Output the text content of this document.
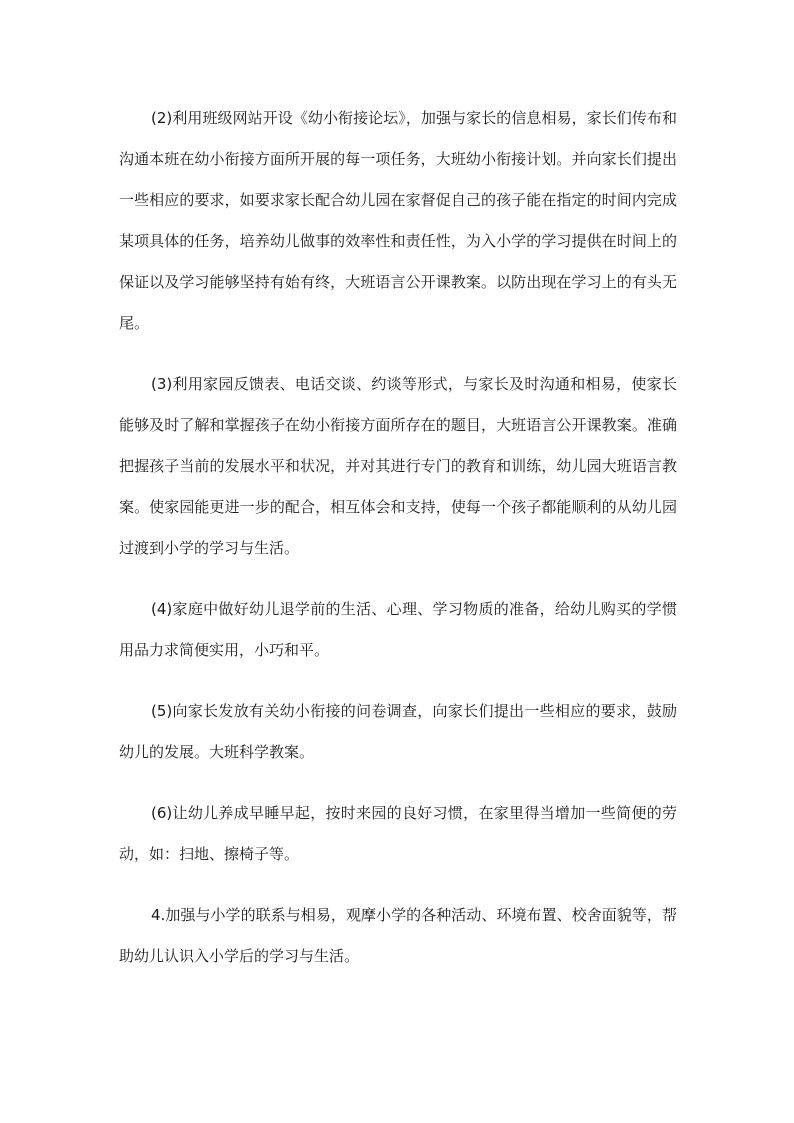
(2)利用班级网站开设《幼小衔接论坛》，加强与家长的信息相易，家长们传布和沟通本班在幼小衔接方面所开展的每一项任务，大班幼小衔接计划。并向家长们提出一些相应的要求，如要求家长配合幼儿园在家督促自己的孩子能在指定的时间内完成某项具体的任务，培养幼儿做事的效率性和责任性，为入小学的学习提供在时间上的保证以及学习能够坚持有始有终，大班语言公开课教案。以防出现在学习上的有头无尾。

(3)利用家园反馈表、电话交谈、约谈等形式，与家长及时沟通和相易，使家长能够及时了解和掌握孩子在幼小衔接方面所存在的题目，大班语言公开课教案。准确把握孩子当前的发展水平和状况，并对其进行专门的教育和训练，幼儿园大班语言教案。使家园能更进一步的配合，相互体会和支持，使每一个孩子都能顺利的从幼儿园过渡到小学的学习与生活。

(4)家庭中做好幼儿退学前的生活、心理、学习物质的准备，给幼儿购买的学惯用品力求简便实用，小巧和平。

(5)向家长发放有关幼小衔接的问卷调查，向家长们提出一些相应的要求，鼓励幼儿的发展。大班科学教案。

(6)让幼儿养成早睡早起，按时来园的良好习惯，在家里得当增加一些简便的劳动，如：扫地、擦椅子等。

4.加强与小学的联系与相易，观摩小学的各种活动、环境布置、校舍面貌等，帮助幼儿认识入小学后的学习与生活。
